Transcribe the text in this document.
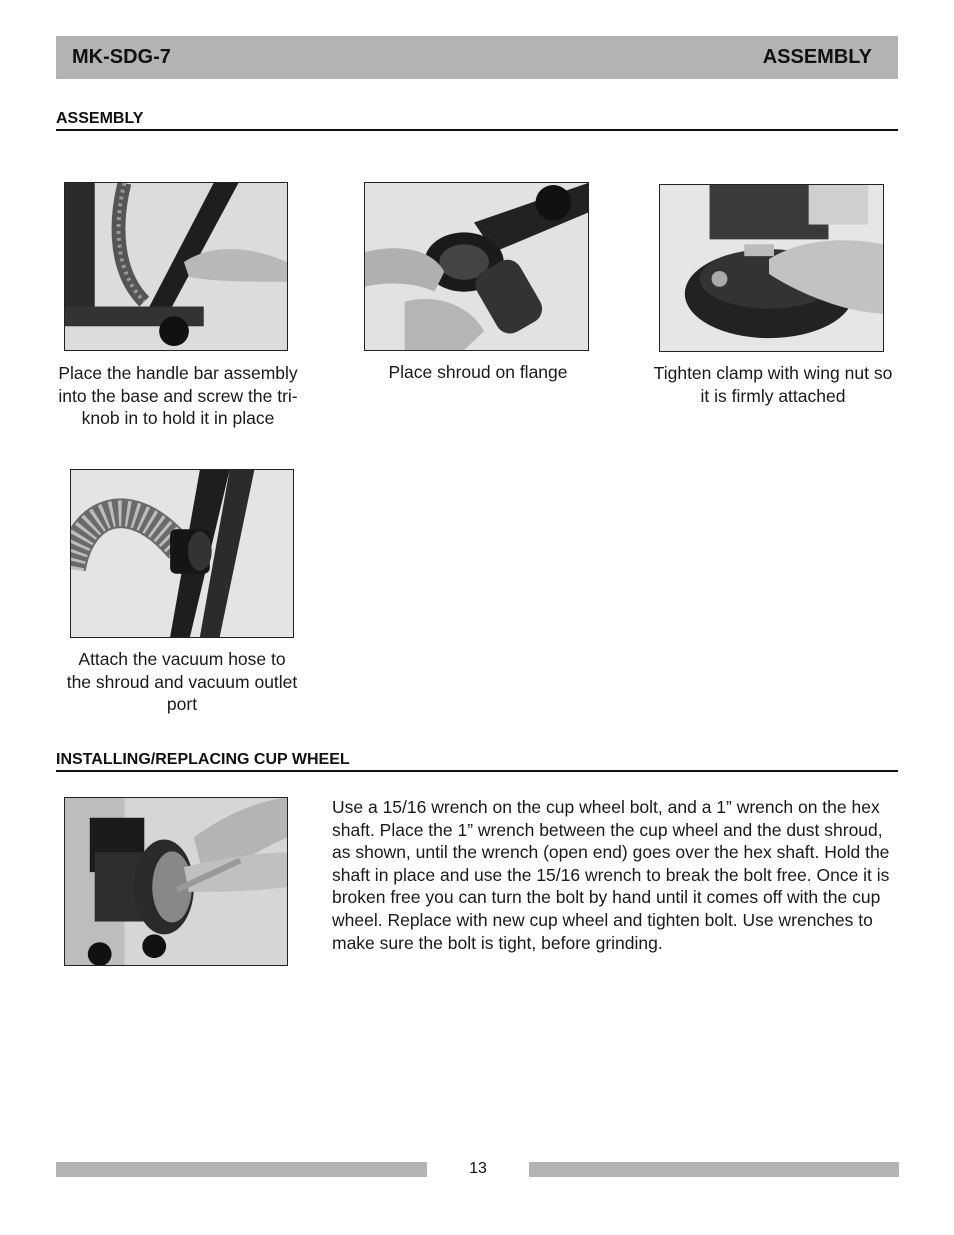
MK-SDG-7	ASSEMBLY
ASSEMBLY
Place the handle bar assembly into the base and screw the tri-knob in to hold it in place
Place shroud on flange	Tighten clamp with wing nut so it is firmly attached
Attach the vacuum hose to the shroud and vacuum outlet port
INSTALLING/REPLACING CUP WHEEL
Use a 15/16 wrench on the cup wheel bolt, and a 1” wrench on the hex shaft. Place the 1” wrench between the cup wheel and the dust shroud, as shown, until the wrench (open end) goes over the hex shaft. Hold the shaft in place and use the 15/16 wrench to break the bolt free. Once it is broken free you can turn the bolt by hand until it comes off with the cup wheel. Replace with new cup wheel and tighten bolt. Use wrenches to make sure the bolt is tight, before grinding.
13
